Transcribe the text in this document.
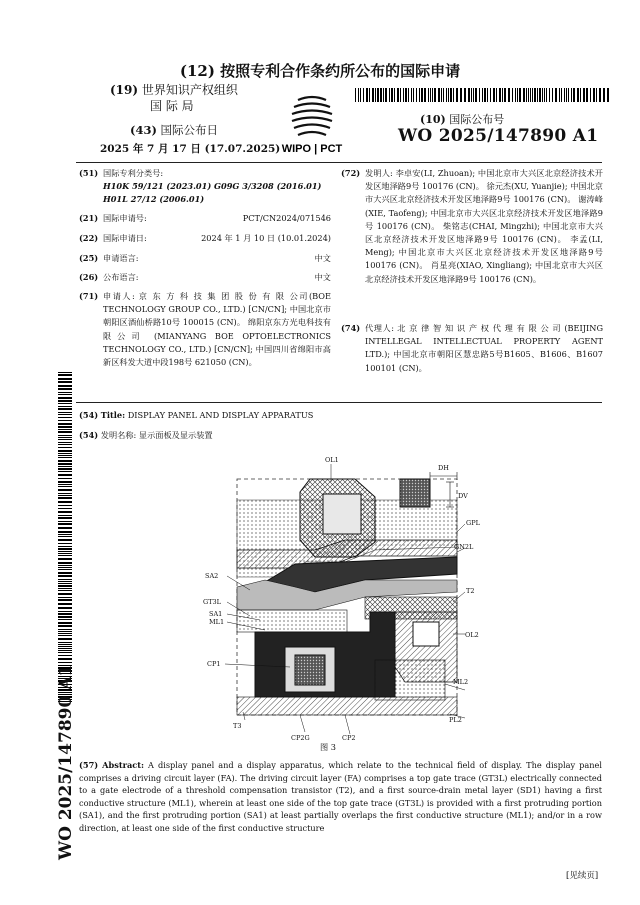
(12) 按照专利合作条约所公布的国际申请
(19) 世界知识产权组织
国 际 局
(43) 国际公布日
2025 年 7 月 17 日 (17.07.2025) WIPO | PCT
(10) 国际公布号
WO 2025/147890 A1
(51) 国际专利分类号:
H10K 59/121 (2023.01) G09G 3/3208 (2016.01)
H01L 27/12 (2006.01)
(21) 国际申请号:	PCT/CN2024/071546
(22) 国际申请日:	2024 年 1 月 10 日 (10.01.2024)
(25) 申请语言:	中文
(26) 公布语言:	中文
(71) 申请人: 京 东 方 科 技 集 团 股 份 有 限 公司(BOE TECHNOLOGY GROUP CO., LTD.) [CN/CN]; 中国北京市朝阳区酒仙桥路10号 100015 (CN)。 绵阳京东方光电科技有限公司 (MIANYANG BOE OPTOELECTRONICS TECHNOLOGY CO., LTD.) [CN/CN]; 中国四川省绵阳市高新区科发大道中段198号 621050 (CN)。
(72) 发明人: 李卓安(LI, Zhuoan); 中国北京市大兴区北京经济技术开发区地泽路9号 100176 (CN)。 徐元杰(XU, Yuanjie); 中国北京市大兴区北京经济技术开发区地泽路9号 100176 (CN)。 谢涛峰(XIE, Taofeng); 中国北京市大兴区北京经济技术开发区地泽路9号 100176 (CN)。 柴铭志(CHAI, Mingzhi); 中国北京市大兴区北京经济技术开发区地泽路9号 100176 (CN)。 李孟(LI, Meng); 中国北京市大兴区北京经济技术开发区地泽路9号 100176 (CN)。 肖星亮(XIAO, Xingliang); 中国北京市大兴区北京经济技术开发区地泽路9号 100176 (CN)。
(74) 代理人: 北 京 律 智 知 识 产 权 代 理 有 限 公 司 (BEIJING INTELLEGAL INTELLECTUAL PROPERTY AGENT LTD.); 中国北京市朝阳区慧忠路5号B1605、B1606、B1607 100101 (CN)。
(54) Title: DISPLAY PANEL AND DISPLAY APPARATUS
(54) 发明名称: 显示面板及显示装置
OL1
DH
DV
GPL
GN2L
SA2
T2
GT3L
SA1
ML1
OL2
CP1
ML2
T3
PL2
CP2G	CP2
图 3
WO 2025/147890 A1 (57) Abstract: A display panel and a display apparatus, which relate to the technical field of display. The display panel comprises a driving circuit layer (FA). The driving circuit layer (FA) comprises a top gate trace (GT3L) electrically connected to a gate electrode of a threshold compensation transistor (T2), and a first source-drain metal layer (SD1) having a first conductive structure (ML1), wherein at least one side of the top gate trace (GT3L) is provided with a first protruding portion (SA1), and the first protruding portion (SA1) at least partially overlaps the first conductive structure (ML1); and/or in a row direction, at least one side of the first conductive structure
[见续页]
